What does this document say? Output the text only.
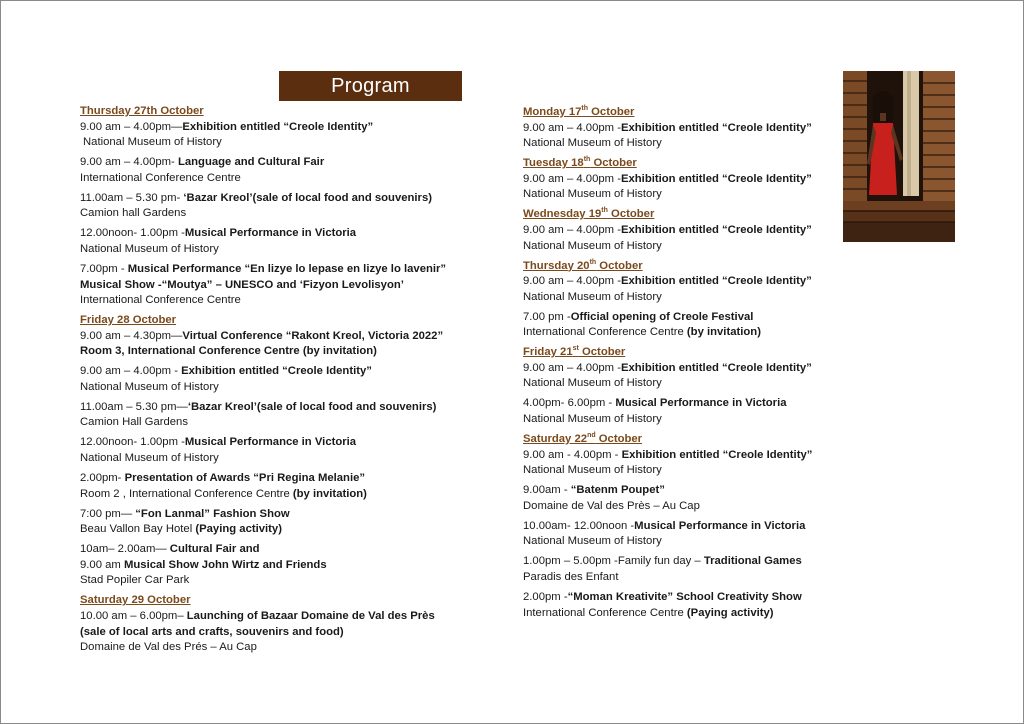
Program
Thursday 27th October
9.00 am – 4.00pm—Exhibition entitled “Creole Identity”
National Museum of History
9.00 am – 4.00pm- Language and Cultural Fair
International Conference Centre
11.00am – 5.30 pm- ‘Bazar Kreol’(sale of local food and souvenirs)
Camion hall Gardens
12.00noon- 1.00pm -Musical Performance in Victoria
National Museum of History
7.00pm - Musical Performance “En lizye lo lepase en lizye lo lavenir”
Musical Show -“Moutya” – UNESCO and ‘Fizyon Levolisyon’
International Conference Centre
Friday 28 October
9.00 am – 4.30pm—Virtual Conference “Rakont Kreol, Victoria 2022”
Room 3, International Conference Centre (by invitation)
9.00 am – 4.00pm - Exhibition entitled “Creole Identity”
National Museum of History
11.00am – 5.30 pm—‘Bazar Kreol’(sale of local food and souvenirs)
Camion Hall Gardens
12.00noon- 1.00pm -Musical Performance in Victoria
National Museum of History
2.00pm- Presentation of Awards “Pri Regina Melanie”
Room 2 , International Conference Centre (by invitation)
7:00 pm— “Fon Lanmal” Fashion Show
Beau Vallon Bay Hotel (Paying activity)
10am– 2.00am— Cultural Fair and
9.00 am Musical Show John Wirtz and Friends
Stad Popiler Car Park
Saturday 29 October
10.00 am – 6.00pm– Launching of Bazaar Domaine de Val des Près
(sale of local arts and crafts, souvenirs and food)
Domaine de Val des Prés – Au Cap
Monday 17th October
9.00 am – 4.00pm -Exhibition entitled “Creole Identity”
National Museum of History
Tuesday 18th October
9.00 am – 4.00pm -Exhibition entitled “Creole Identity”
National Museum of History
Wednesday 19th October
9.00 am – 4.00pm -Exhibition entitled “Creole Identity”
National Museum of History
Thursday 20th October
9.00 am – 4.00pm -Exhibition entitled “Creole Identity”
National Museum of History
7.00 pm -Official opening of Creole Festival
International Conference Centre (by invitation)
Friday 21st October
9.00 am – 4.00pm -Exhibition entitled “Creole Identity”
National Museum of History
4.00pm- 6.00pm - Musical Performance in Victoria
National Museum of History
Saturday 22nd October
9.00 am - 4.00pm - Exhibition entitled “Creole Identity”
National Museum of History
9.00am - “Batenm Poupet”
Domaine de Val des Près – Au Cap
10.00am- 12.00noon -Musical Performance in Victoria
National Museum of History
1.00pm – 5.00pm -Family fun day – Traditional Games
Paradis des Enfant
2.00pm -“Moman Kreativite” School Creativity Show
International Conference Centre (Paying activity)
